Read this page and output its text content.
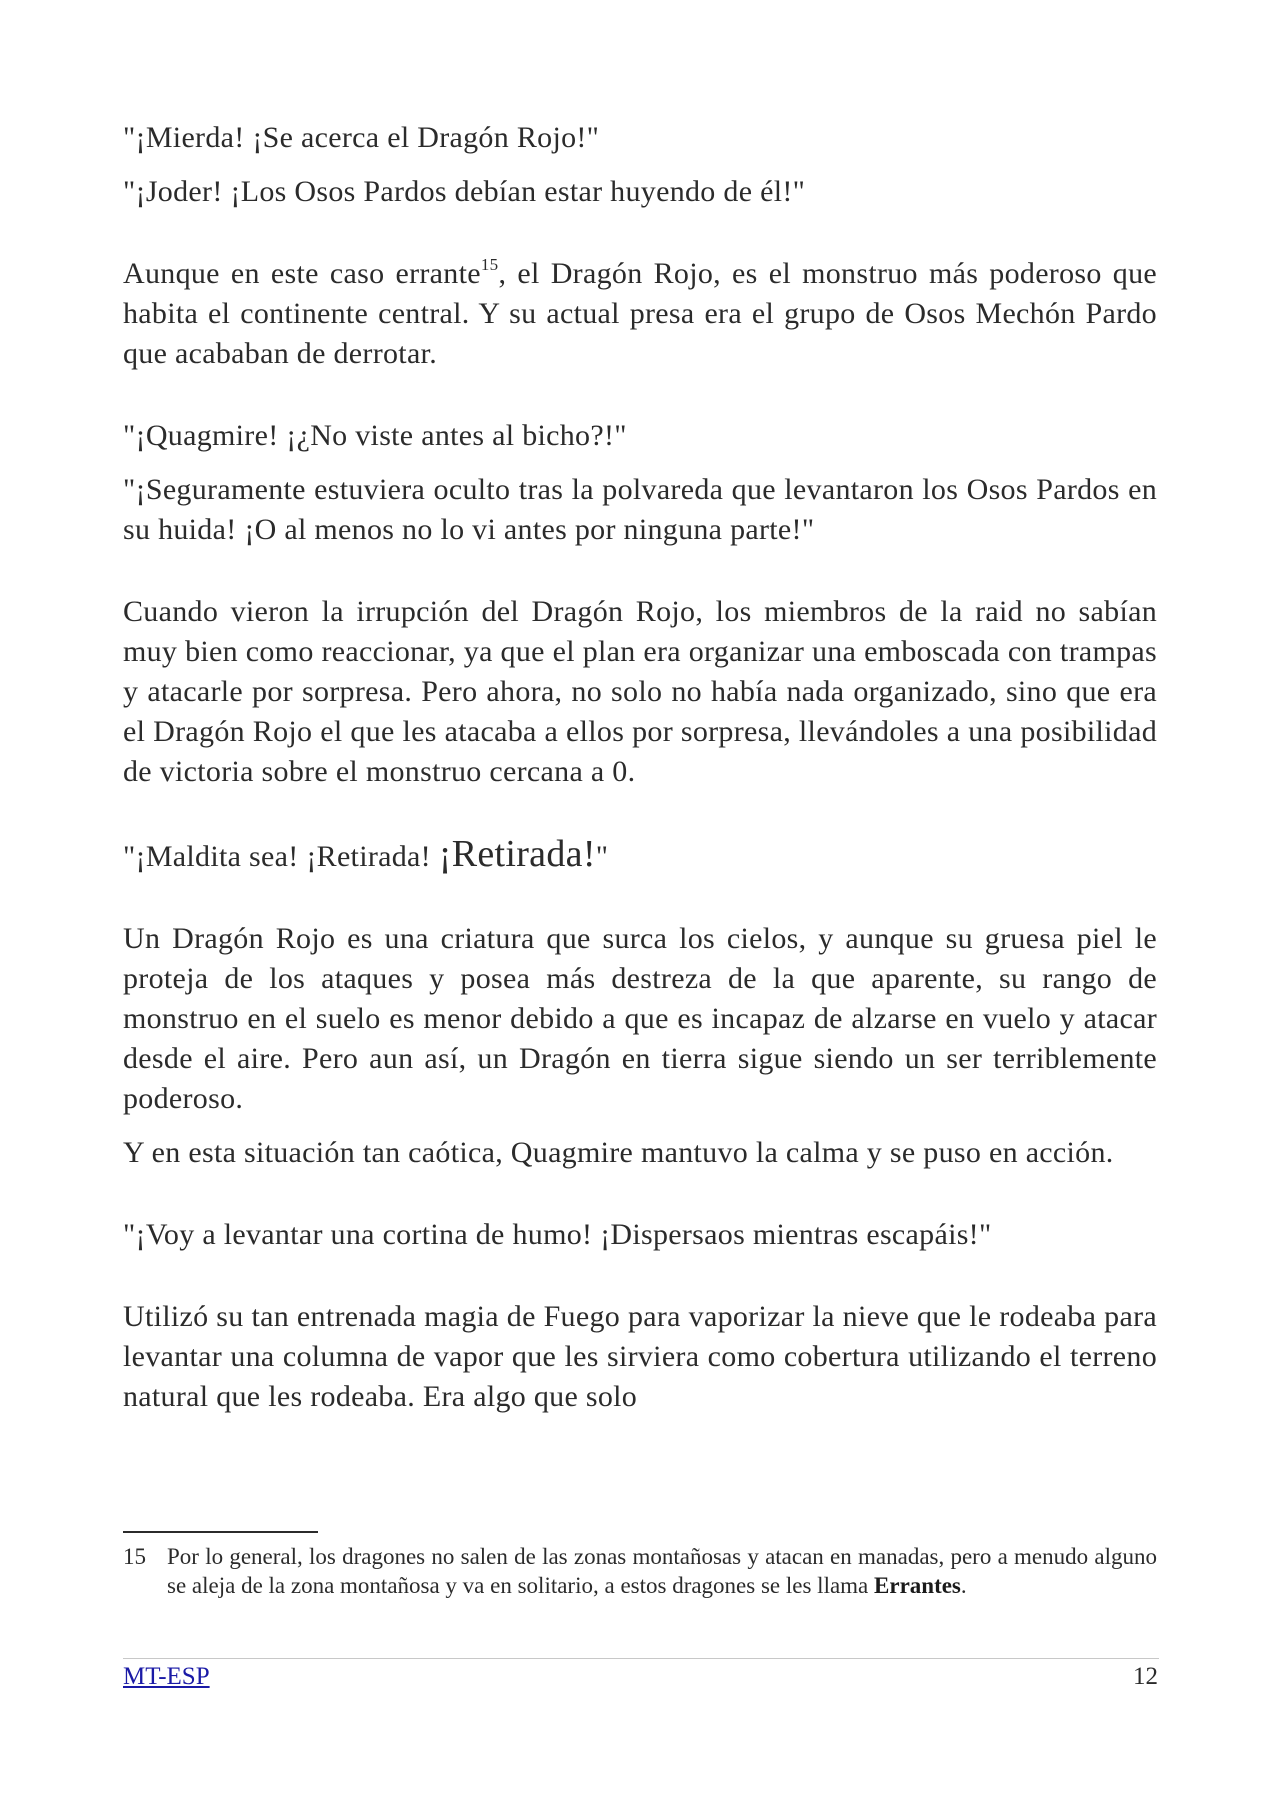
"¡Mierda! ¡Se acerca el Dragón Rojo!"

"¡Joder! ¡Los Osos Pardos debían estar huyendo de él!"

Aunque en este caso errante$^{15}$, el Dragón Rojo, es el monstruo más poderoso que habita el continente central. Y su actual presa era el grupo de Osos Mechón Pardo que acababan de derrotar.

"¡Quagmire! ¡¿No viste antes al bicho?!"

"¡Seguramente estuviera oculto tras la polvareda que levantaron los Osos Pardos en su huida! ¡O al menos no lo vi antes por ninguna parte!"

Cuando vieron la irrupción del Dragón Rojo, los miembros de la raid no sabían muy bien como reaccionar, ya que el plan era organizar una emboscada con trampas y atacarle por sorpresa. Pero ahora, no solo no había nada organizado, sino que era el Dragón Rojo el que les atacaba a ellos por sorpresa, llevándoles a una posibilidad de victoria sobre el monstruo cercana a 0.

"¡Maldita sea! ¡Retirada! ¡Retirada!"

Un Dragón Rojo es una criatura que surca los cielos, y aunque su gruesa piel le proteja de los ataques y posea más destreza de la que aparente, su rango de monstruo en el suelo es menor debido a que es incapaz de alzarse en vuelo y atacar desde el aire. Pero aun así, un Dragón en tierra sigue siendo un ser terriblemente poderoso.

Y en esta situación tan caótica, Quagmire mantuvo la calma y se puso en acción.

"¡Voy a levantar una cortina de humo! ¡Dispersaos mientras escapáis!"

Utilizó su tan entrenada magia de Fuego para vaporizar la nieve que le rodeaba para levantar una columna de vapor que les sirviera como cobertura utilizando el terreno natural que les rodeaba. Era algo que solo

15 Por lo general, los dragones no salen de las zonas montañosas y atacan en manadas, pero a menudo alguno se aleja de la zona montañosa y va en solitario, a estos dragones se les llama Errantes.
MT-ESP	12
